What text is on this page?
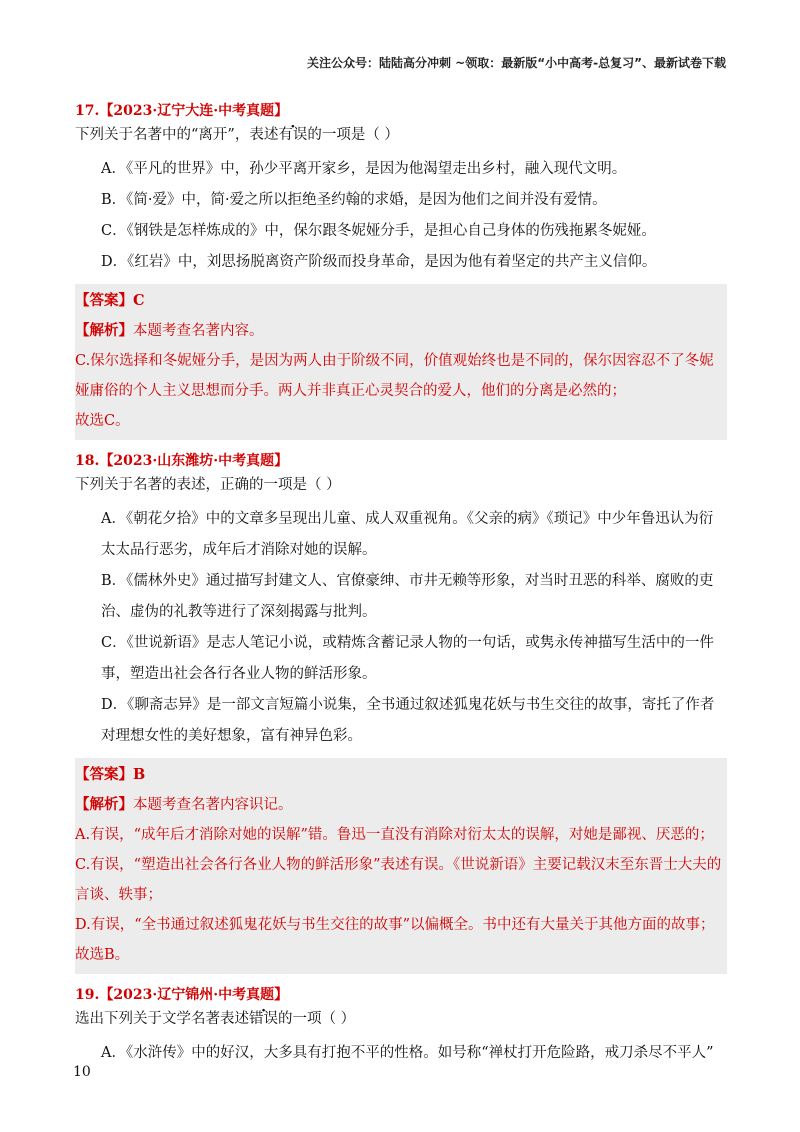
关注公众号：陆陆高分冲刺 ~领取：最新版“小中高考-总复习”、最新试卷下载
17.【2023·辽宁大连·中考真题】
下列关于名著中的“离开”，表述有误的一项是（ ）
A．《平凡的世界》中，孙少平离开家乡，是因为他渴望走出乡村，融入现代文明。
B．《简·爱》中，简·爱之所以拒绝圣约翰的求婚，是因为他们之间并没有爱情。
C．《钢铁是怎样炼成的》中，保尔跟冬妮娅分手，是担心自己身体的伤残拖累冬妮娅。
D．《红岩》中，刘思扬脱离资产阶级而投身革命，是因为他有着坚定的共产主义信仰。
【答案】C
【解析】本题考查名著内容。
C.保尔选择和冬妮娅分手，是因为两人由于阶级不同，价值观始终也是不同的，保尔因容忍不了冬妮娅庸俗的个人主义思想而分手。两人并非真正心灵契合的爱人，他们的分离是必然的；
故选C。
18.【2023·山东潍坊·中考真题】
下列关于名著的表述，正确的一项是（ ）
A．《朝花夕拾》中的文章多呈现出儿童、成人双重视角。《父亲的病》《琐记》中少年鲁迅认为衍太太品行恶劣，成年后才消除对她的误解。
B．《儒林外史》通过描写封建文人、官僚豪绅、市井无赖等形象，对当时丑恶的科举、腐败的吏治、虚伪的礼教等进行了深刻揭露与批判。
C．《世说新语》是志人笔记小说，或精炼含蓄记录人物的一句话，或隽永传神描写生活中的一件事，塑造出社会各行各业人物的鲜活形象。
D．《聊斋志异》是一部文言短篇小说集，全书通过叙述狐鬼花妖与书生交往的故事，寄托了作者对理想女性的美好想象，富有神异色彩。
【答案】B
【解析】本题考查名著内容识记。
A.有误，“成年后才消除对她的误解”错。鲁迅一直没有消除对衍太太的误解，对她是鄙视、厌恶的；
C.有误，“塑造出社会各行各业人物的鲜活形象”表述有误。《世说新语》主要记载汉末至东晋士大夫的言谈、轶事；
D.有误，“全书通过叙述狐鬼花妖与书生交往的故事”以偏概全。书中还有大量关于其他方面的故事；
故选B。
19.【2023·辽宁锦州·中考真题】
选出下列关于文学名著表述错误的一项（ ）
A．《水浒传》中的好汉，大多具有打抱不平的性格。如号称“禅杖打开危险路，戒刀杀尽不平人”
10
